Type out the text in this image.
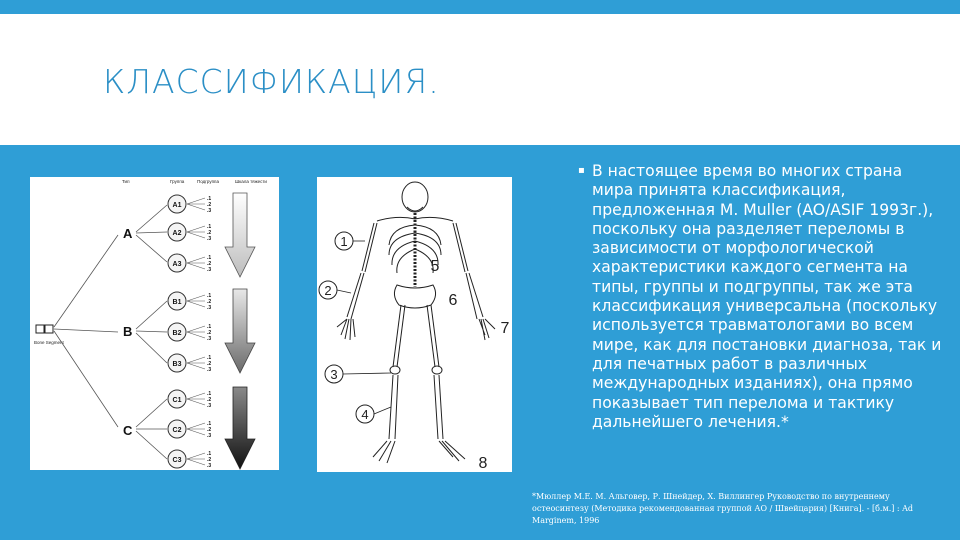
КЛАССИФИКАЦИЯ.
Тип	Группа	Подгруппа	Шкала тяжести
Bone Segment
A
B
C
A1
A2
A3
B1
B2
B3
C1
C2
C3
.1
.2
.3
.1
.2
.3
.1
.2
.3
.1
.2
.3
.1
.2
.3
.1
.2
.3
.1
.2
.3
.1
.2
.3
.1
.2
.3
1
2
3
4
5
6
7
8
▪ В настоящее время во многих страна мира принята классификация, предложенная M. Muller (AO/ASIF 1993г.), поскольку она разделяет переломы в зависимости от морфологической характеристики каждого сегмента на типы, группы и подгруппы, так же эта классификация универсальна (поскольку используется травматологами во всем мире, как для постановки диагноза, так и для печатных работ в различных международных изданиях), она прямо показывает тип перелома и тактику дальнейшего лечения.*

*Мюллер М.Е. М. Альговер, Р. Шнейдер, Х. Виллингер Руководство по внутреннему остеосинтезу (Методика рекомендованная группой АО / Швейцария) [Книга]. - [б.м.] : Ad Marginem, 1996
